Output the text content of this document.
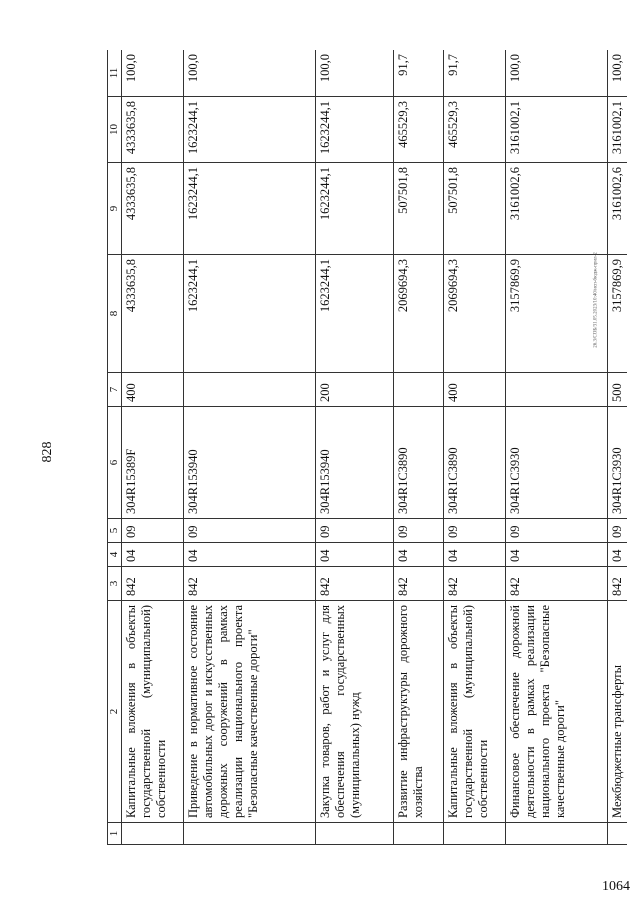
828
1	2	3	4	5	6	7	8	9	10	11
	Капитальные вложения в объекты государственной (муниципальной) собственности	842	04	09	304R15389F	400	4333635,8	4333635,8	4333635,8	100,0
	Приведение в нормативное состояние автомобильных дорог и искусственных дорожных сооружений в рамках реализации национального проекта "Безопасные качественные дороги"	842	04	09	304R153940		1623244,1	1623244,1	1623244,1	100,0
	Закупка товаров, работ и услуг для обеспечения государственных (муниципальных) нужд	842	04	09	304R153940	200	1623244,1	1623244,1	1623244,1	100,0
	Развитие инфраструктуры дорожного хозяйства	842	04	09	304R1C3890		2069694,3	507501,8	465529,3	91,7
	Капитальные вложения в объекты государственной (муниципальной) собственности	842	04	09	304R1C3890	400	2069694,3	507501,8	465529,3	91,7
	Финансовое обеспечение дорожной деятельности в рамках реализации национального проекта "Безопасные качественные дороги"	842	04	09	304R1C3930		3157869,9	3161002,6	3161002,1	100,0
	Межбюджетные трансферты	842	04	09	304R1C3930	500	3157869,9	3161002,6	3161002,1	100,0
26.3/СОБ/31.05.2023/10:40/исп-бюдж-прил-2
1064
